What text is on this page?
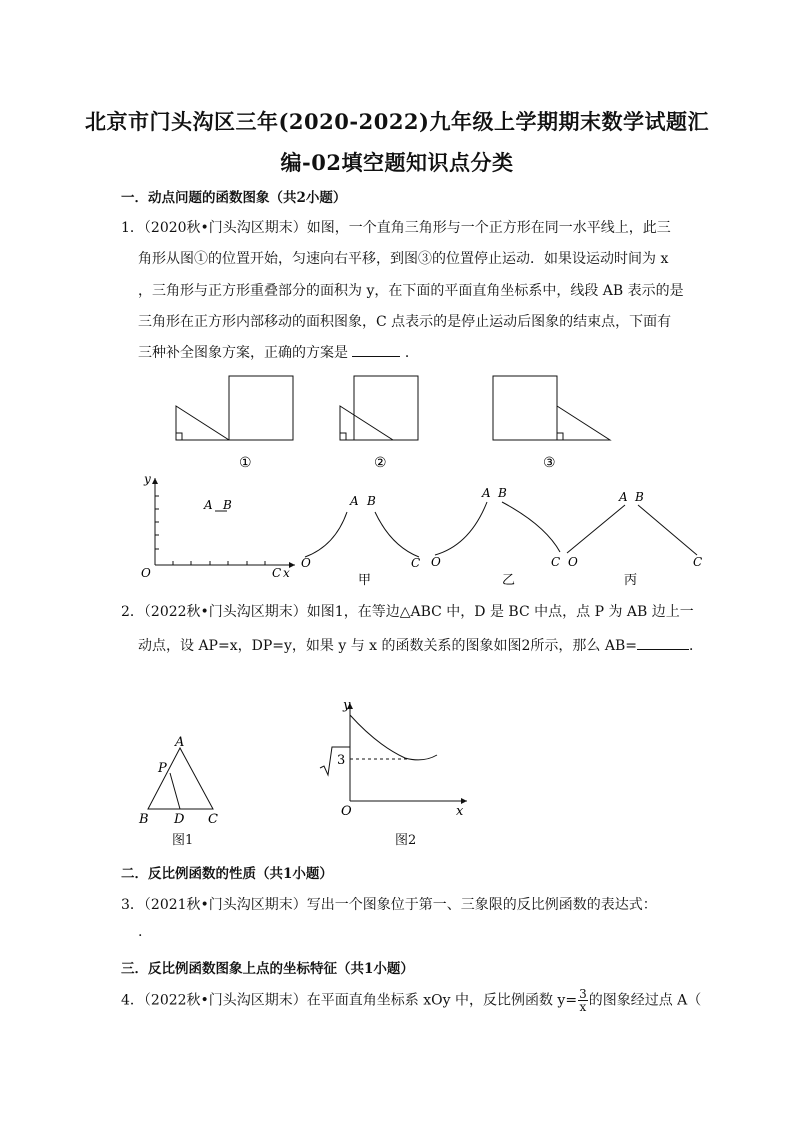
北京市门头沟区三年(2020-2022)九年级上学期期末数学试题汇
编-02填空题知识点分类
一．动点问题的函数图象（共2小题）
1．（2020秋•门头沟区期末）如图，一个直角三角形与一个正方形在同一水平线上，此三
角形从图①的位置开始，匀速向右平移，到图③的位置停止运动．如果设运动时间为 x
，三角形与正方形重叠部分的面积为 y，在下面的平面直角坐标系中，线段 AB 表示的是
三角形在正方形内部移动的面积图象，C 点表示的是停止运动后图象的结束点，下面有
三种补全图象方案，正确的方案是	．
①	②	③
y
O
A B
C x
A B
O	C
甲
A B
O	C
乙
A B
O	C
丙
2．（2022秋•门头沟区期末）如图1，在等边△ABC 中，D 是 BC 中点，点 P 为 AB 边上一
动点，设 AP=x，DP=y，如果 y 与 x 的函数关系的图象如图2所示，那么 AB=	．
A
P
B D C
图1
y
3
O	x
图2
二．反比例函数的性质（共1小题）
3．（2021秋•门头沟区期末）写出一个图象位于第一、三象限的反比例函数的表达式：
.
三．反比例函数图象上点的坐标特征（共1小题）
4．（2022秋•门头沟区期末）在平面直角坐标系 xOy 中，反比例函数 $y= \frac{3}{x}$ 的图象经过点 A（
